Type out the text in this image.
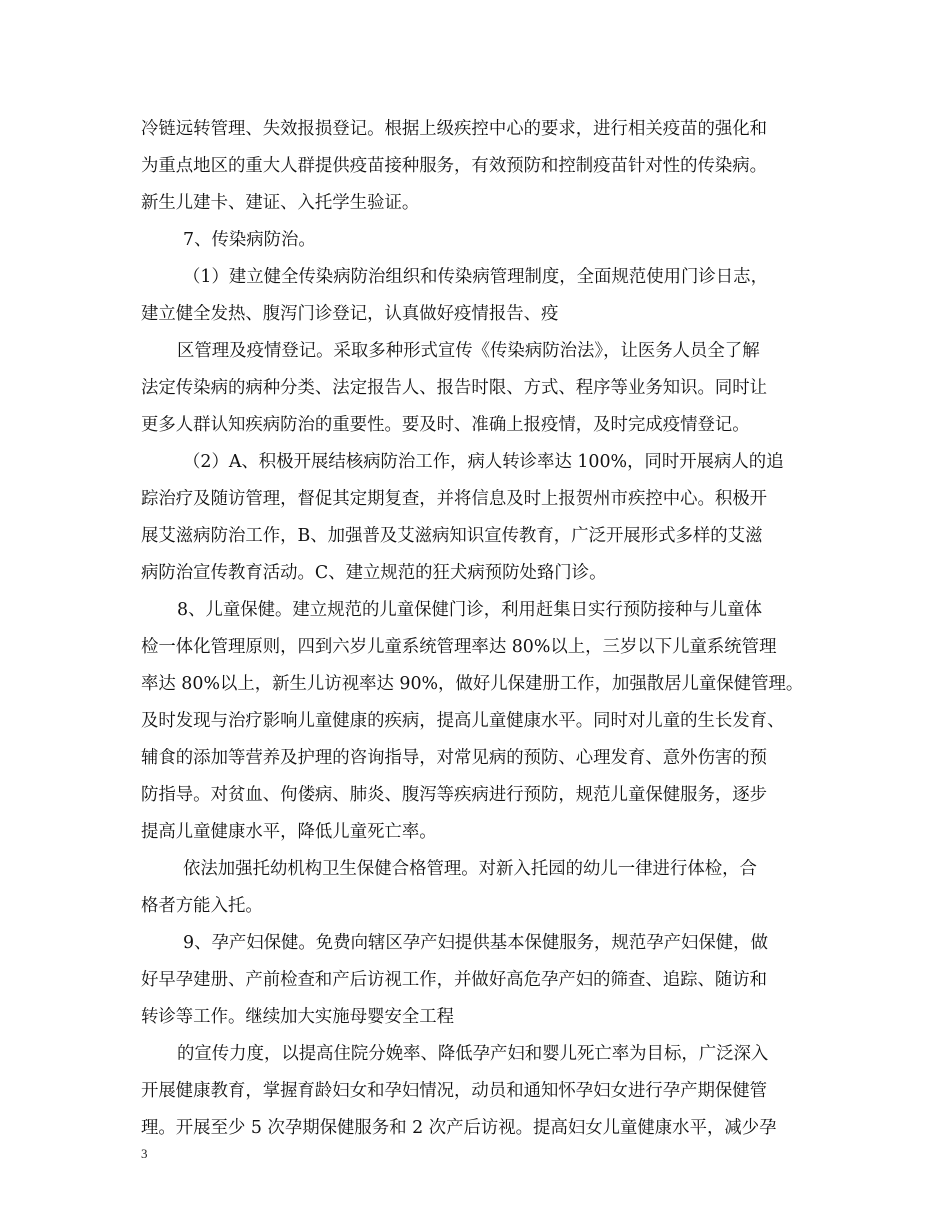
冷链远转管理、失效报损登记。根据上级疾控中心的要求，进行相关疫苗的强化和
为重点地区的重大人群提供疫苗接种服务，有效预防和控制疫苗针对性的传染病。
新生儿建卡、建证、入托学生验证。
7、传染病防治。
（1）建立健全传染病防治组织和传染病管理制度，全面规范使用门诊日志，
建立健全发热、腹泻门诊登记，认真做好疫情报告、疫
区管理及疫情登记。采取多种形式宣传《传染病防治法》，让医务人员全了解
法定传染病的病种分类、法定报告人、报告时限、方式、程序等业务知识。同时让
更多人群认知疾病防治的重要性。要及时、准确上报疫情，及时完成疫情登记。
（2）A、积极开展结核病防治工作，病人转诊率达 100%，同时开展病人的追
踪治疗及随访管理，督促其定期复查，并将信息及时上报贺州市疾控中心。积极开
展艾滋病防治工作，B、加强普及艾滋病知识宣传教育，广泛开展形式多样的艾滋
病防治宣传教育活动。C、建立规范的狂犬病预防处臵门诊。
8、儿童保健。建立规范的儿童保健门诊，利用赶集日实行预防接种与儿童体
检一体化管理原则，四到六岁儿童系统管理率达 80%以上，三岁以下儿童系统管理
率达 80%以上，新生儿访视率达 90%，做好儿保建册工作，加强散居儿童保健管理。
及时发现与治疗影响儿童健康的疾病，提高儿童健康水平。同时对儿童的生长发育、
辅食的添加等营养及护理的咨询指导，对常见病的预防、心理发育、意外伤害的预
防指导。对贫血、佝偻病、肺炎、腹泻等疾病进行预防，规范儿童保健服务，逐步
提高儿童健康水平，降低儿童死亡率。
依法加强托幼机构卫生保健合格管理。对新入托园的幼儿一律进行体检，合
格者方能入托。
9、孕产妇保健。免费向辖区孕产妇提供基本保健服务，规范孕产妇保健，做
好早孕建册、产前检查和产后访视工作，并做好高危孕产妇的筛查、追踪、随访和
转诊等工作。继续加大实施母婴安全工程
的宣传力度，以提高住院分娩率、降低孕产妇和婴儿死亡率为目标，广泛深入
开展健康教育，掌握育龄妇女和孕妇情况，动员和通知怀孕妇女进行孕产期保健管
理。开展至少 5 次孕期保健服务和 2 次产后访视。提高妇女儿童健康水平，减少孕
3
